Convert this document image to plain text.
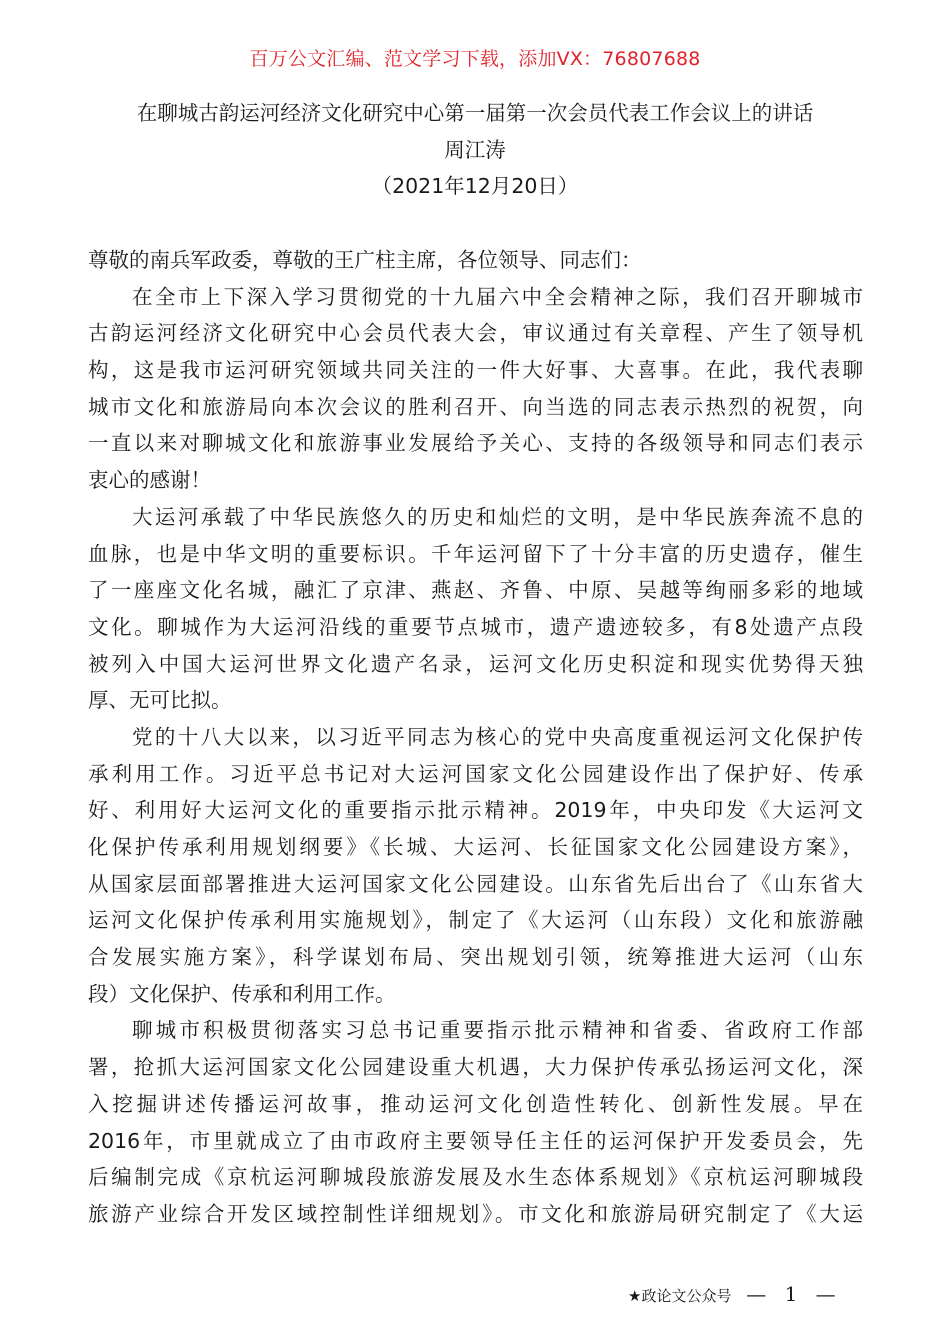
百万公文汇编、范文学习下载，添加VX：76807688
在聊城古韵运河经济文化研究中心第一届第一次会员代表工作会议上的讲话
周江涛
（2021年12月20日）
尊敬的南兵军政委，尊敬的王广柱主席，各位领导、同志们：
在全市上下深入学习贯彻党的十九届六中全会精神之际，我们召开聊城市
古韵运河经济文化研究中心会员代表大会，审议通过有关章程、产生了领导机
构，这是我市运河研究领域共同关注的一件大好事、大喜事。在此，我代表聊
城市文化和旅游局向本次会议的胜利召开、向当选的同志表示热烈的祝贺，向
一直以来对聊城文化和旅游事业发展给予关心、支持的各级领导和同志们表示
衷心的感谢！
大运河承载了中华民族悠久的历史和灿烂的文明，是中华民族奔流不息的
血脉，也是中华文明的重要标识。千年运河留下了十分丰富的历史遗存，催生
了一座座文化名城，融汇了京津、燕赵、齐鲁、中原、吴越等绚丽多彩的地域
文化。聊城作为大运河沿线的重要节点城市，遗产遗迹较多，有8处遗产点段
被列入中国大运河世界文化遗产名录，运河文化历史积淀和现实优势得天独
厚、无可比拟。
党的十八大以来，以习近平同志为核心的党中央高度重视运河文化保护传
承利用工作。习近平总书记对大运河国家文化公园建设作出了保护好、传承
好、利用好大运河文化的重要指示批示精神。2019年，中央印发《大运河文
化保护传承利用规划纲要》《长城、大运河、长征国家文化公园建设方案》，
从国家层面部署推进大运河国家文化公园建设。山东省先后出台了《山东省大
运河文化保护传承利用实施规划》，制定了《大运河（山东段）文化和旅游融
合发展实施方案》，科学谋划布局、突出规划引领，统筹推进大运河（山东
段）文化保护、传承和利用工作。
聊城市积极贯彻落实习总书记重要指示批示精神和省委、省政府工作部
署，抢抓大运河国家文化公园建设重大机遇，大力保护传承弘扬运河文化，深
入挖掘讲述传播运河故事，推动运河文化创造性转化、创新性发展。早在
2016年，市里就成立了由市政府主要领导任主任的运河保护开发委员会，先
后编制完成《京杭运河聊城段旅游发展及水生态体系规划》《京杭运河聊城段
旅游产业综合开发区域控制性详细规划》。市文化和旅游局研究制定了《大运
★政论文公众号 — 1 —
